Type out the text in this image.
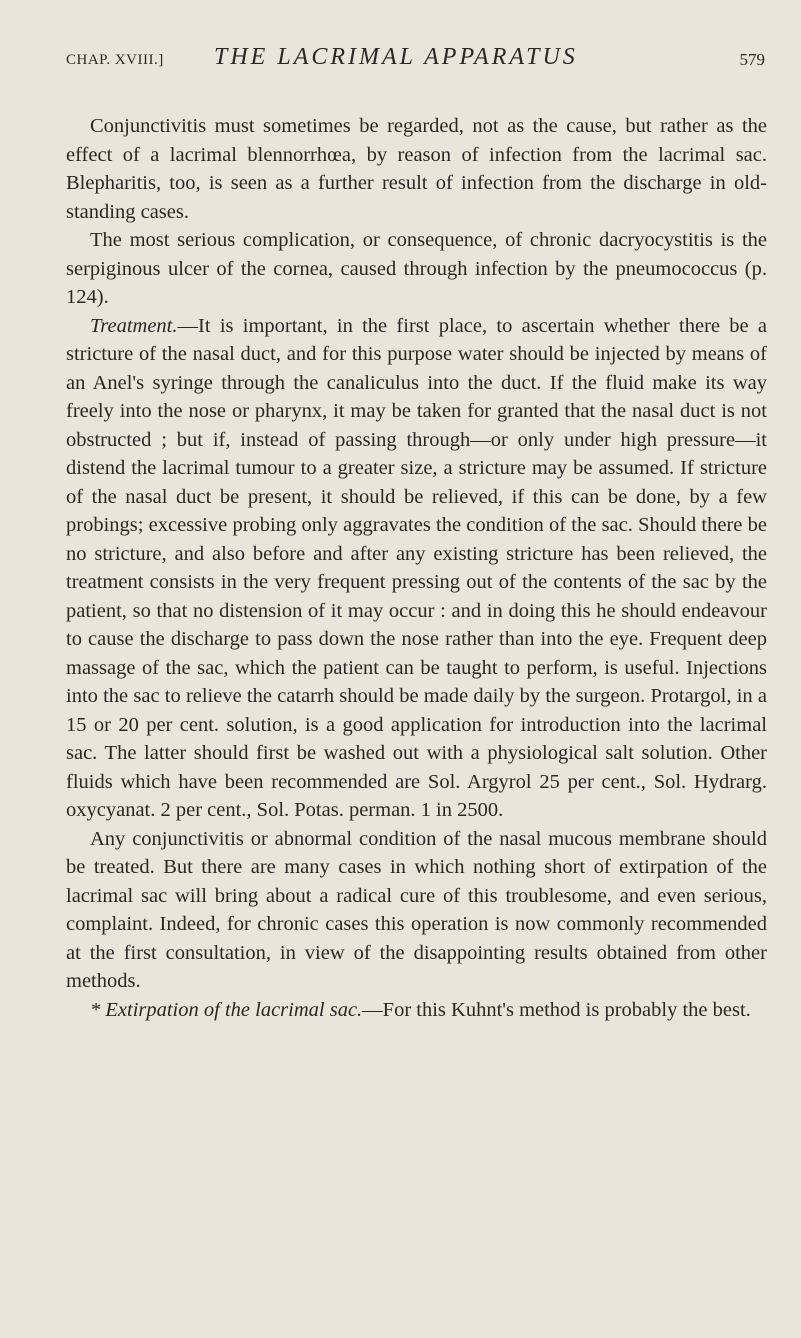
CHAP. XVIII.] THE LACRIMAL APPARATUS	579

Conjunctivitis must sometimes be regarded, not as the cause, but rather as the effect of a lacrimal blennorrhœa, by reason of infection from the lacrimal sac. Blepharitis, too, is seen as a further result of infection from the discharge in old-standing cases.

The most serious complication, or consequence, of chronic dacryocystitis is the serpiginous ulcer of the cornea, caused through infection by the pneumococcus (p. 124).

Treatment.—It is important, in the first place, to ascertain whether there be a stricture of the nasal duct, and for this purpose water should be injected by means of an Anel's syringe through the canaliculus into the duct. If the fluid make its way freely into the nose or pharynx, it may be taken for granted that the nasal duct is not obstructed ; but if, instead of passing through—or only under high pressure—it distend the lacrimal tumour to a greater size, a stricture may be assumed. If stricture of the nasal duct be present, it should be relieved, if this can be done, by a few probings; excessive probing only aggravates the condition of the sac. Should there be no stricture, and also before and after any existing stricture has been relieved, the treatment consists in the very frequent pressing out of the contents of the sac by the patient, so that no distension of it may occur : and in doing this he should endeavour to cause the discharge to pass down the nose rather than into the eye. Frequent deep massage of the sac, which the patient can be taught to perform, is useful. Injections into the sac to relieve the catarrh should be made daily by the surgeon. Protargol, in a 15 or 20 per cent. solution, is a good application for introduction into the lacrimal sac. The latter should first be washed out with a physiological salt solution. Other fluids which have been recommended are Sol. Argyrol 25 per cent., Sol. Hydrarg. oxycyanat. 2 per cent., Sol. Potas. perman. 1 in 2500.

Any conjunctivitis or abnormal condition of the nasal mucous membrane should be treated. But there are many cases in which nothing short of extirpation of the lacrimal sac will bring about a radical cure of this troublesome, and even serious, complaint. Indeed, for chronic cases this operation is now commonly recommended at the first consultation, in view of the disappointing results obtained from other methods.

* Extirpation of the lacrimal sac.—For this Kuhnt's method is probably the best.
